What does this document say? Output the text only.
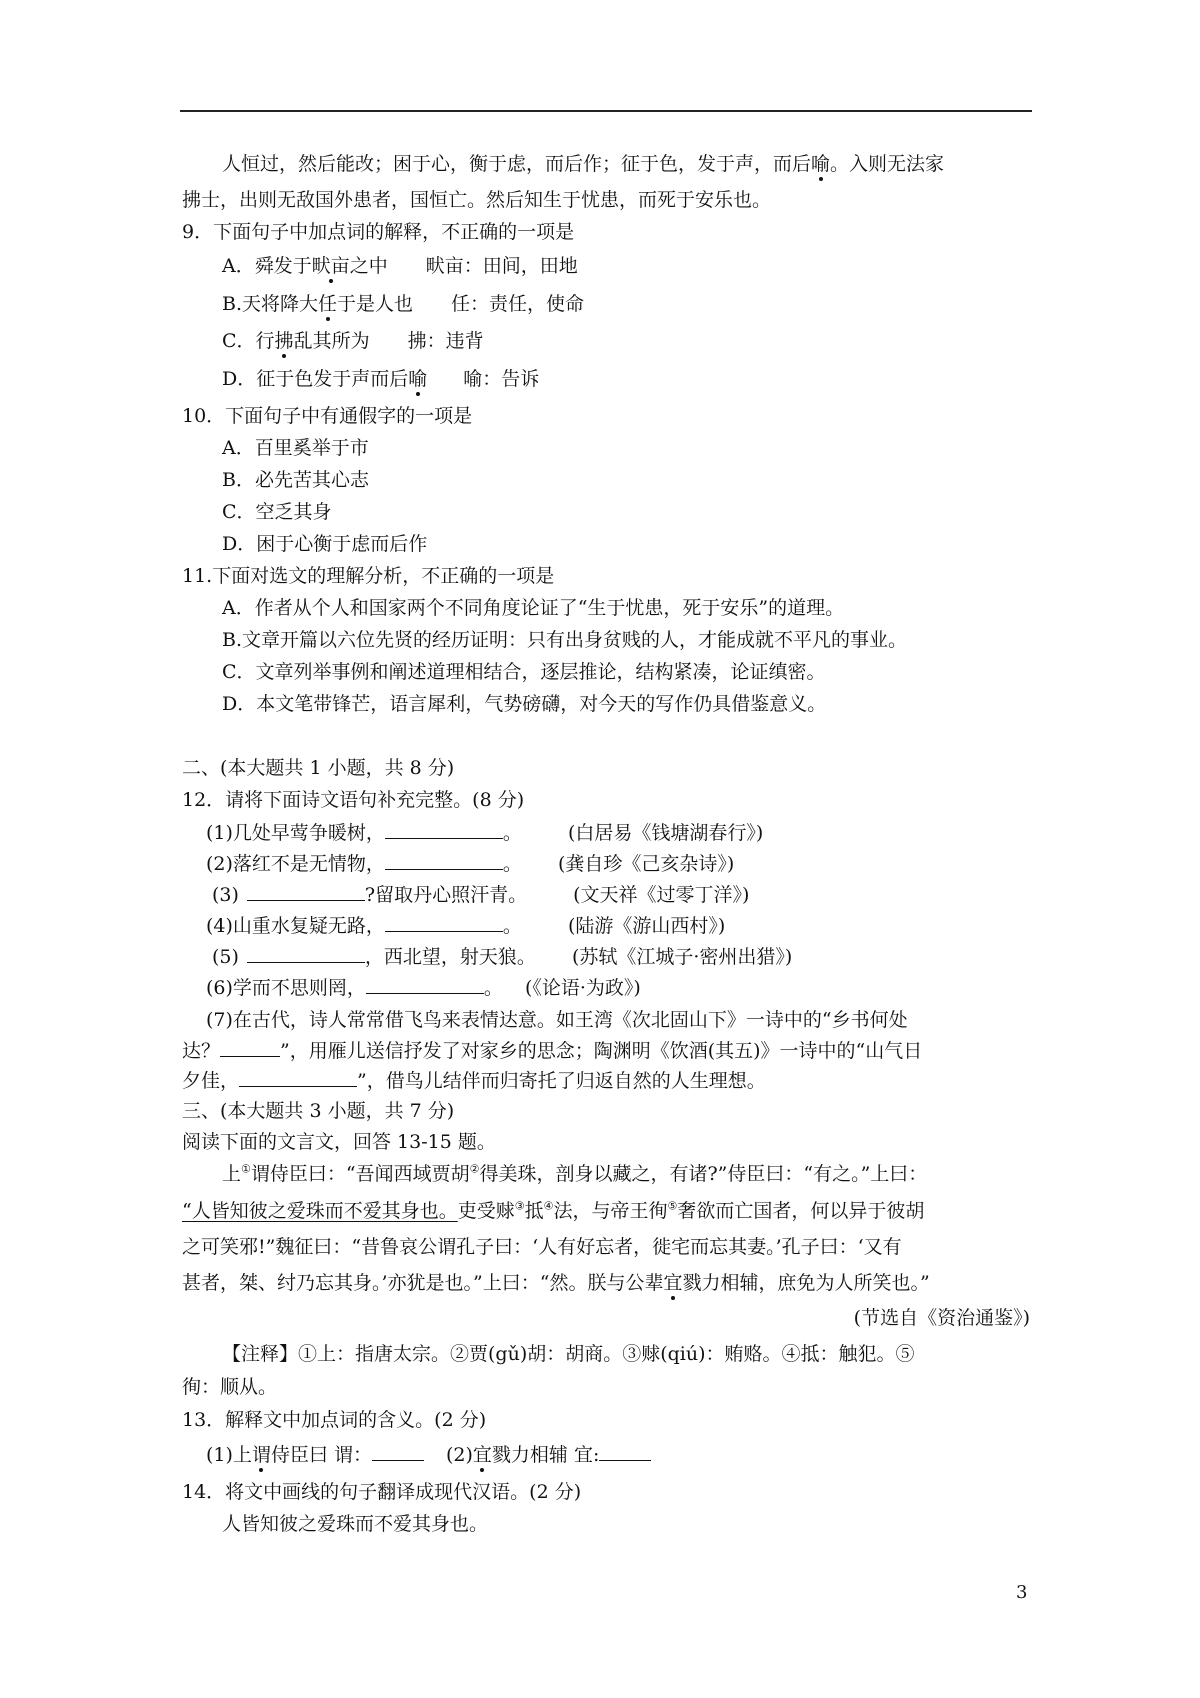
人恒过，然后能改；困于心，衡于虑，而后作；征于色，发于声，而后喻。入则无法家
拂士，出则无敌国外患者，国恒亡。然后知生于忧患，而死于安乐也。
9．下面句子中加点词的解释，不正确的一项是
A．舜发于畎亩之中 畎亩：田间，田地
B.天将降大任于是人也 任：责任，使命
C．行拂乱其所为 拂：违背
D．征于色发于声而后喻 喻：告诉
10．下面句子中有通假字的一项是
A．百里奚举于市
B．必先苦其心志
C．空乏其身
D．困于心衡于虑而后作
11.下面对选文的理解分析，不正确的一项是
A．作者从个人和国家两个不同角度论证了“生于忧患，死于安乐”的道理。
B.文章开篇以六位先贤的经历证明：只有出身贫贱的人，才能成就不平凡的事业。
C．文章列举事例和阐述道理相结合，逐层推论，结构紧凑，论证缜密。
D．本文笔带锋芒，语言犀利，气势磅礴，对今天的写作仍具借鉴意义。
二、(本大题共 1 小题，共 8 分)
12．请将下面诗文语句补充完整。(8 分)
(1)几处早莺争暖树，	。 (白居易《钱塘湖春行》)
(2)落红不是无情物，	。 (龚自珍《己亥杂诗》)
(3)	?留取丹心照汗青。 (文天祥《过零丁洋》)
(4)山重水复疑无路，	。 (陆游《游山西村》)
(5)	，西北望，射天狼。 (苏轼《江城子·密州出猎》)
(6)学而不思则罔，	。 (《论语·为政》)
(7)在古代，诗人常常借飞鸟来表情达意。如王湾《次北固山下》一诗中的“乡书何处
达？	”，用雁儿送信抒发了对家乡的思念；陶渊明《饮酒(其五)》一诗中的“山气日
夕佳，	”，借鸟儿结伴而归寄托了归返自然的人生理想。
三、(本大题共 3 小题，共 7 分)
阅读下面的文言文，回答 13-15 题。
上①谓侍臣曰：“吾闻西域贾胡②得美珠，剖身以藏之，有诸?”侍臣曰：“有之。”上曰：
“人皆知彼之爱珠而不爱其身也。吏受赇③抵④法，与帝王徇⑤奢欲而亡国者，何以异于彼胡
之可笑邪!”魏征曰：“昔鲁哀公谓孔子曰：‘人有好忘者，徙宅而忘其妻。’孔子曰：‘又有
甚者，桀、纣乃忘其身。’亦犹是也。”上曰：“然。朕与公辈宜戮力相辅，庶免为人所笑也。”
(节选自《资治通鉴》)
【注释】①上：指唐太宗。②贾(gǔ)胡：胡商。③赇(qiú)：贿赂。④抵：触犯。⑤
徇：顺从。
13．解释文中加点词的含义。(2 分)
(1)上谓侍臣曰 谓：	(2)宜戮力相辅 宜:
14．将文中画线的句子翻译成现代汉语。(2 分)
人皆知彼之爱珠而不爱其身也。
3
